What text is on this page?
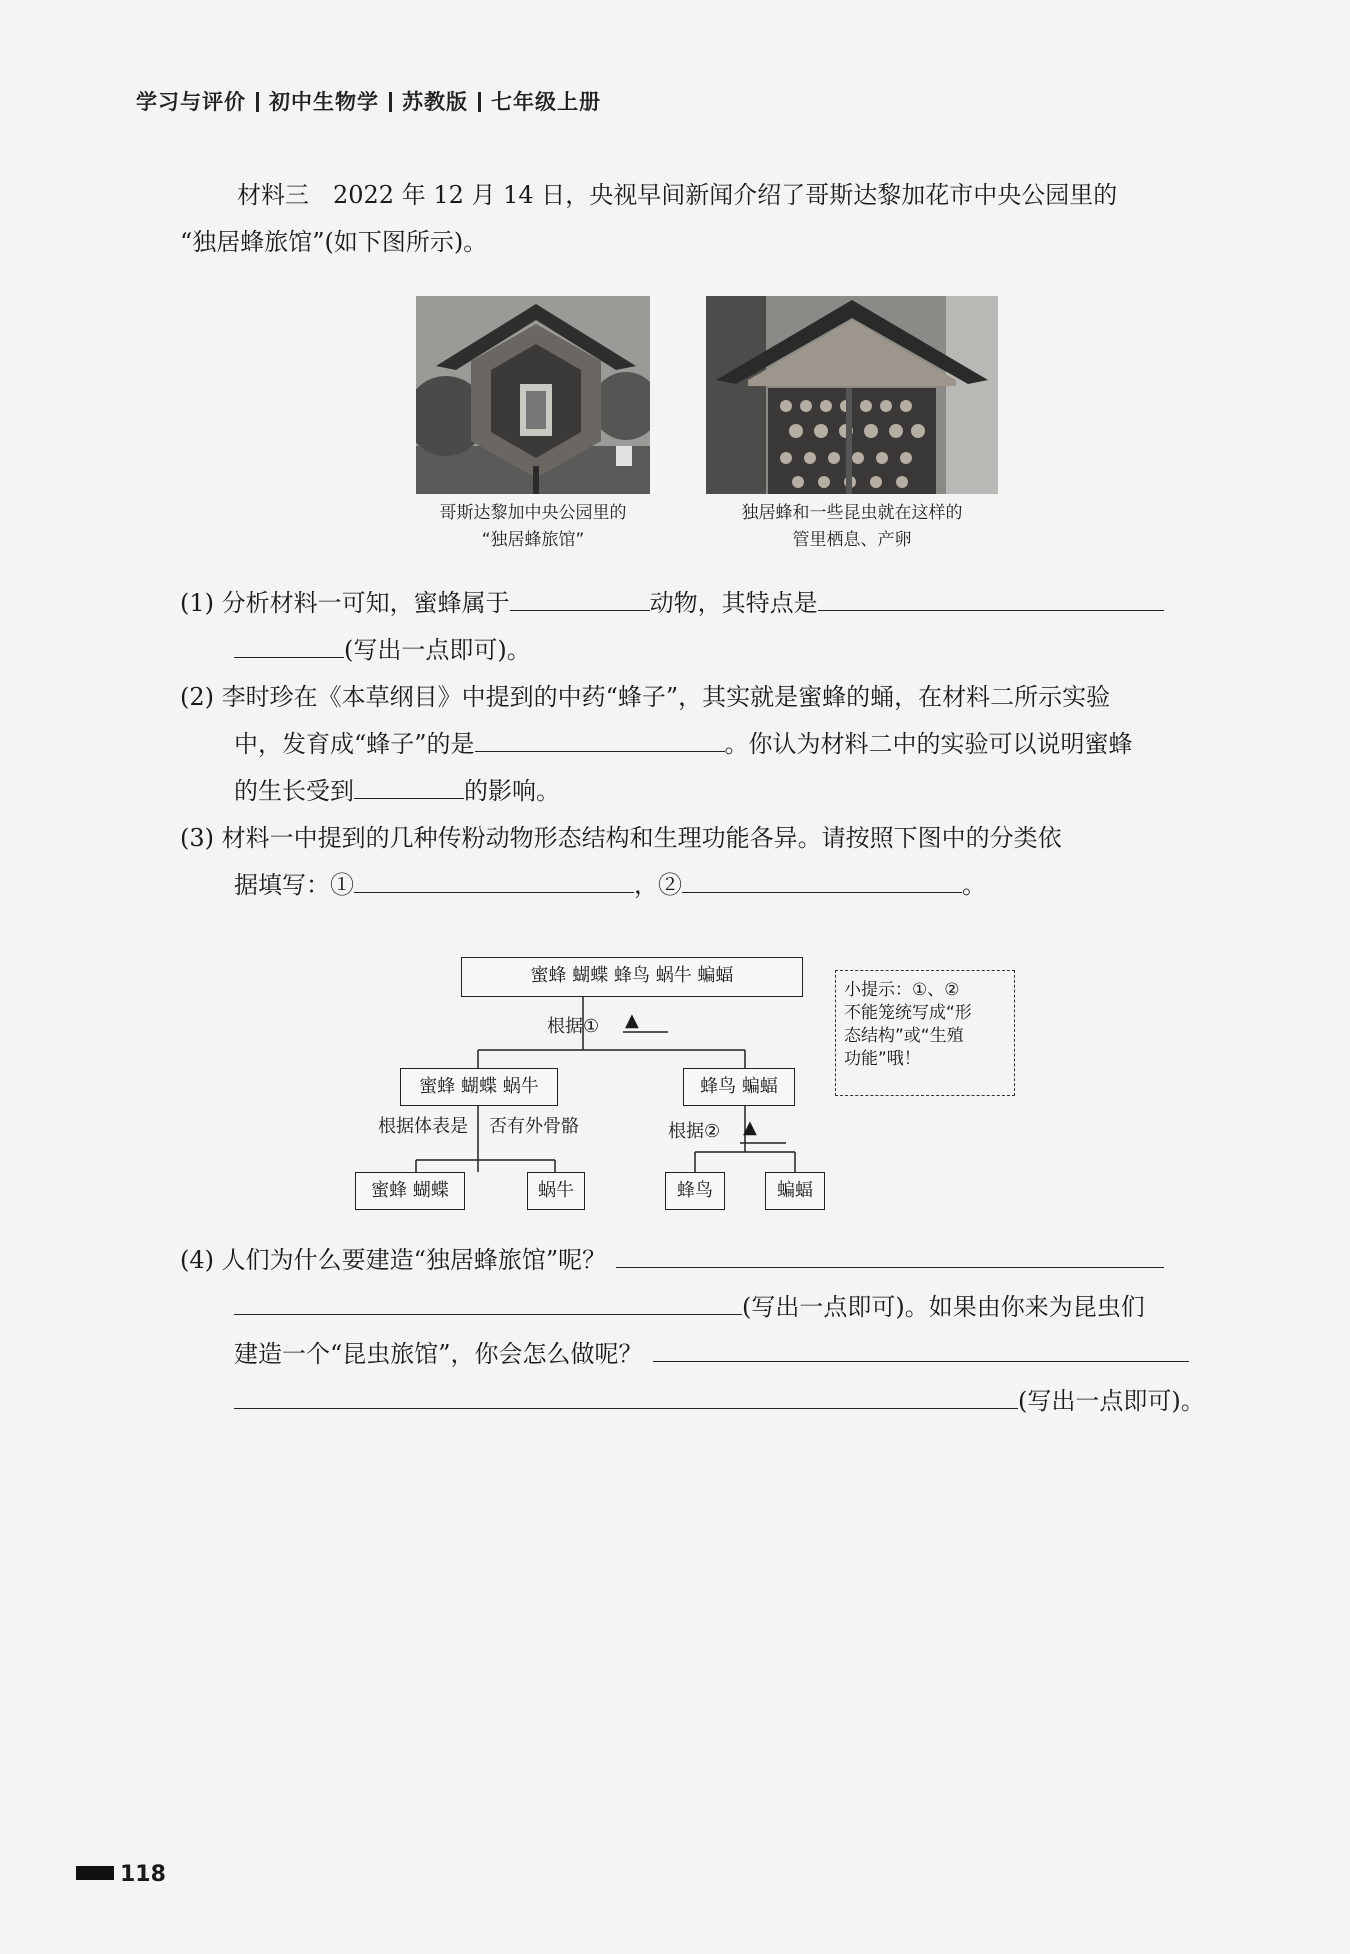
学习与评价 初中生物学 苏教版 七年级上册
材料三　2022 年 12 月 14 日，央视早间新闻介绍了哥斯达黎加花市中央公园里的
“独居蜂旅馆”(如下图所示)。
哥斯达黎加中央公园里的
“独居蜂旅馆”
独居蜂和一些昆虫就在这样的
管里栖息、产卵
(1) 分析材料一可知，蜜蜂属于	动物，其特点是
(写出一点即可)。
(2) 李时珍在《本草纲目》中提到的中药“蜂子”，其实就是蜜蜂的蛹，在材料二所示实验
中，发育成“蜂子”的是	。你认为材料二中的实验可以说明蜜蜂
的生长受到	的影响。
(3) 材料一中提到的几种传粉动物形态结构和生理功能各异。请按照下图中的分类依
据填写：①	，②	。
蜜蜂 蝴蝶 蜂鸟 蜗牛 蝙蝠
根据① ▲
蜜蜂 蝴蝶 蜗牛	蜂鸟 蝙蝠
根据体表是 否有外骨骼	根据② ▲
蜜蜂 蝴蝶	蜗牛	蜂鸟	蝙蝠
小提示：①、②
不能笼统写成“形
态结构”或“生殖
功能”哦！
(4) 人们为什么要建造“独居蜂旅馆”呢？
(写出一点即可)。如果由你来为昆虫们
建造一个“昆虫旅馆”，你会怎么做呢？
(写出一点即可)。
118
